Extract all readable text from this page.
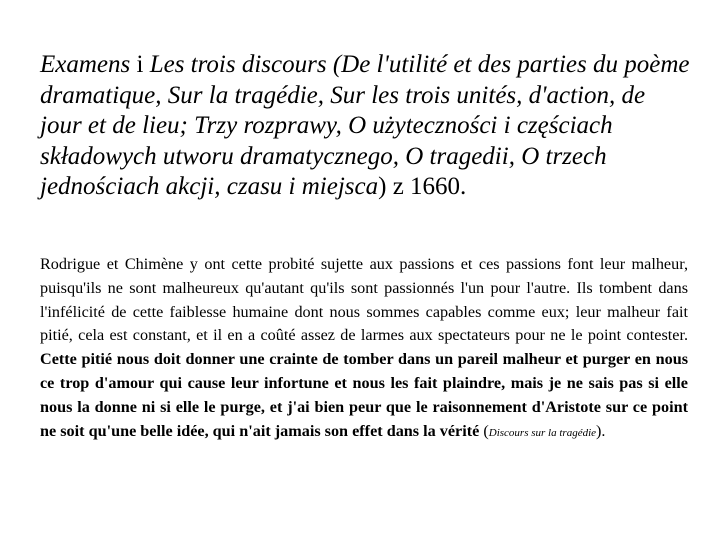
Examens i Les trois discours (De l'utilité et des parties du poème dramatique, Sur la tragédie, Sur les trois unités, d'action, de jour et de lieu; Trzy rozprawy, O użyteczności i częściach składowych utworu dramatycznego, O tragedii, O trzech jednościach akcji, czasu i miejsca) z 1660.

Rodrigue et Chimène y ont cette probité sujette aux passions et ces passions font leur malheur, puisqu'ils ne sont malheureux qu'autant qu'ils sont passionnés l'un pour l'autre. Ils tombent dans l'infélicité de cette faiblesse humaine dont nous sommes capables comme eux; leur malheur fait pitié, cela est constant, et il en a coûté assez de larmes aux spectateurs pour ne le point contester. Cette pitié nous doit donner une crainte de tomber dans un pareil malheur et purger en nous ce trop d'amour qui cause leur infortune et nous les fait plaindre, mais je ne sais pas si elle nous la donne ni si elle le purge, et j'ai bien peur que le raisonnement d'Aristote sur ce point ne soit qu'une belle idée, qui n'ait jamais son effet dans la vérité (Discours sur la tragédie).
